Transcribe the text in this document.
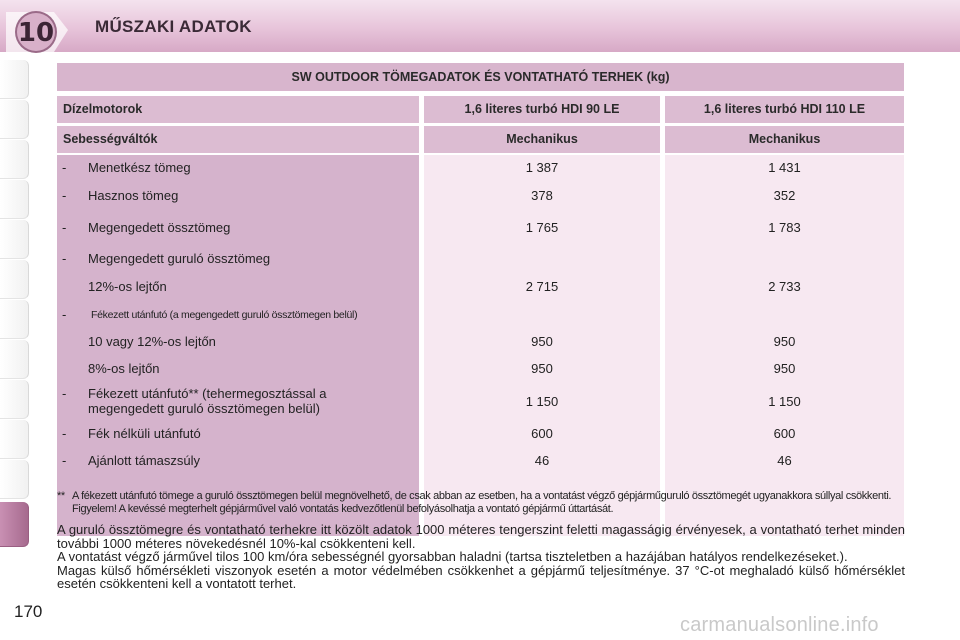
10 MŰSZAKI ADATOK
SW OUTDOOR TÖMEGADATOK ÉS VONTATHATÓ TERHEK (kg)
Dízelmotorok	1,6 literes turbó HDI 90 LE	1,6 literes turbó HDI 110 LE
Sebességváltók	Mechanikus	Mechanikus
- Menetkész tömeg	1 387	1 431
- Hasznos tömeg	378	352
- Megengedett össztömeg	1 765	1 783
- Megengedett guruló össztömeg
12%-os lejtőn	2 715	2 733
- Fékezett utánfutó (a megengedett guruló össztömegen belül)
10 vagy 12%-os lejtőn	950	950
8%-os lejtőn	950	950
- Fékezett utánfutó** (tehermegosztással a megengedett guruló össztömegen belül)	1 150	1 150
- Fék nélküli utánfutó	600	600
- Ajánlott támaszsúly	46	46
** A fékezett utánfutó tömege a guruló össztömegen belül megnövelhető, de csak abban az esetben, ha a vontatást végző gépjárműguruló össztömegét ugyanakkora súllyal csökkenti. Figyelem! A kevéssé megterhelt gépjárművel való vontatás kedvezőtlenül befolyásolhatja a vontató gépjármű úttartását.

A guruló össztömegre és vontatható terhekre itt közölt adatok 1000 méteres tengerszint feletti magasságig érvényesek, a vontatható terhet minden további 1000 méteres növekedésnél 10%-kal csökkenteni kell.

A vontatást végző járművel tilos 100 km/óra sebességnél gyorsabban haladni (tartsa tiszteletben a hazájában hatályos rendelkezéseket.).

Magas külső hőmérsékleti viszonyok esetén a motor védelmében csökkenhet a gépjármű teljesítménye. 37 °C-ot meghaladó külső hőmérséklet esetén csökkenteni kell a vontatott terhet.

170
carmanualsonline.info
